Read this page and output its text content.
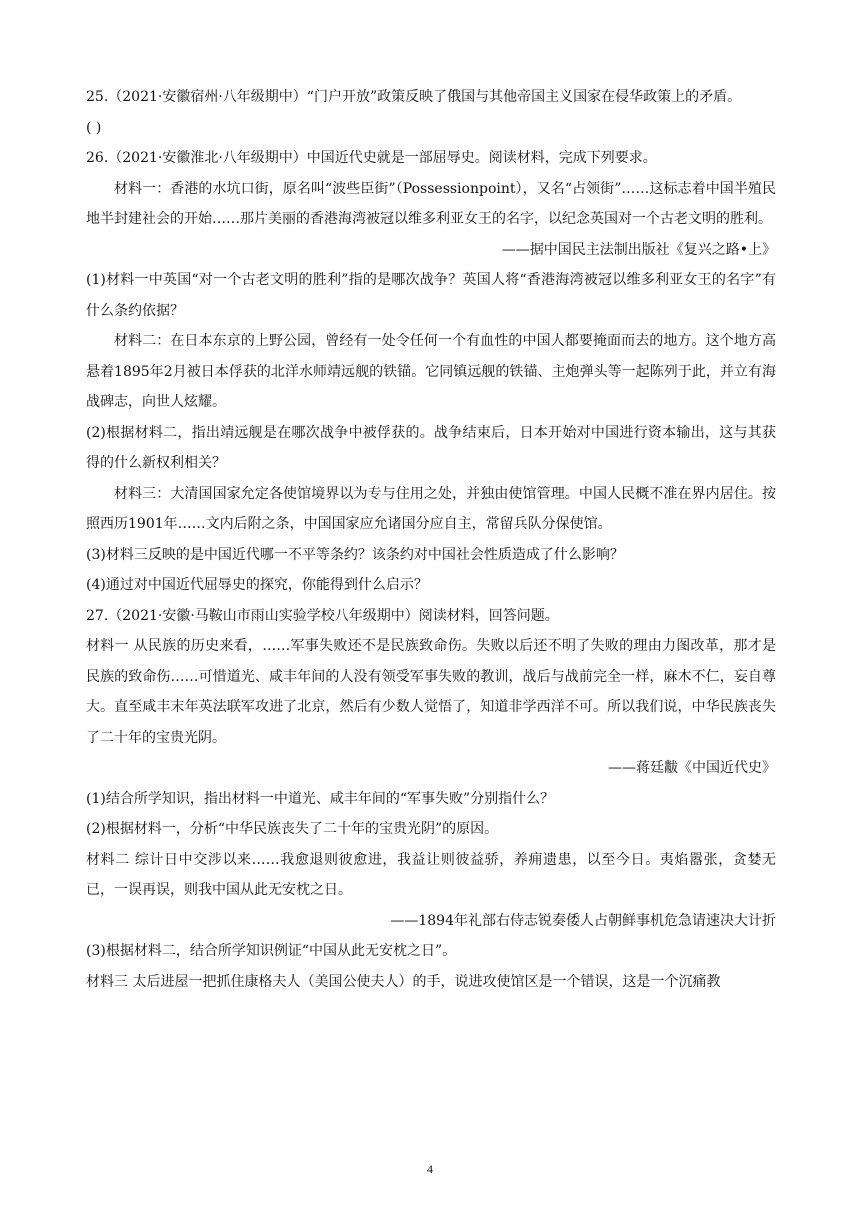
25.（2021·安徽宿州·八年级期中）“门户开放”政策反映了俄国与其他帝国主义国家在侵华政策上的矛盾。

( )

26.（2021·安徽淮北·八年级期中）中国近代史就是一部屈辱史。阅读材料，完成下列要求。

材料一：香港的水坑口街，原名叫“波些臣街”（Possessionpoint），又名“占领街”……这标志着中国半殖民地半封建社会的开始……那片美丽的香港海湾被冠以维多利亚女王的名字，以纪念英国对一个古老文明的胜利。

——据中国民主法制出版社《复兴之路•上》

(1)材料一中英国“对一个古老文明的胜利”指的是哪次战争？英国人将“香港海湾被冠以维多利亚女王的名字”有什么条约依据？

材料二：在日本东京的上野公园，曾经有一处令任何一个有血性的中国人都要掩面而去的地方。这个地方高悬着1895年2月被日本俘获的北洋水师靖远舰的铁锚。它同镇远舰的铁锚、主炮弹头等一起陈列于此，并立有海战碑志，向世人炫耀。

(2)根据材料二，指出靖远舰是在哪次战争中被俘获的。战争结束后，日本开始对中国进行资本输出，这与其获得的什么新权利相关？

材料三：大清国国家允定各使馆境界以为专与住用之处，并独由使馆管理。中国人民概不准在界内居住。按照西历1901年……文内后附之条，中国国家应允诸国分应自主，常留兵队分保使馆。

(3)材料三反映的是中国近代哪一不平等条约？该条约对中国社会性质造成了什么影响？

(4)通过对中国近代屈辱史的探究，你能得到什么启示？

27.（2021·安徽·马鞍山市雨山实验学校八年级期中）阅读材料，回答问题。

材料一 从民族的历史来看，……军事失败还不是民族致命伤。失败以后还不明了失败的理由力图改革，那才是民族的致命伤……可惜道光、咸丰年间的人没有领受军事失败的教训，战后与战前完全一样，麻木不仁，妄自尊大。直至咸丰末年英法联军攻进了北京，然后有少数人觉悟了，知道非学西洋不可。所以我们说，中华民族丧失了二十年的宝贵光阴。

——蒋廷黻《中国近代史》

(1)结合所学知识，指出材料一中道光、咸丰年间的“军事失败”分别指什么？

(2)根据材料一，分析“中华民族丧失了二十年的宝贵光阴”的原因。

材料二 综计日中交涉以来……我愈退则彼愈进，我益让则彼益骄，养痈遗患，以至今日。夷焰嚣张，贪婪无已，一误再误，则我中国从此无安枕之日。

——1894年礼部右侍志锐奏倭人占朝鲜事机危急请速决大计折

(3)根据材料二，结合所学知识例证“中国从此无安枕之日”。

材料三 太后进屋一把抓住康格夫人（美国公使夫人）的手，说进攻使馆区是一个错误，这是一个沉痛教

4
